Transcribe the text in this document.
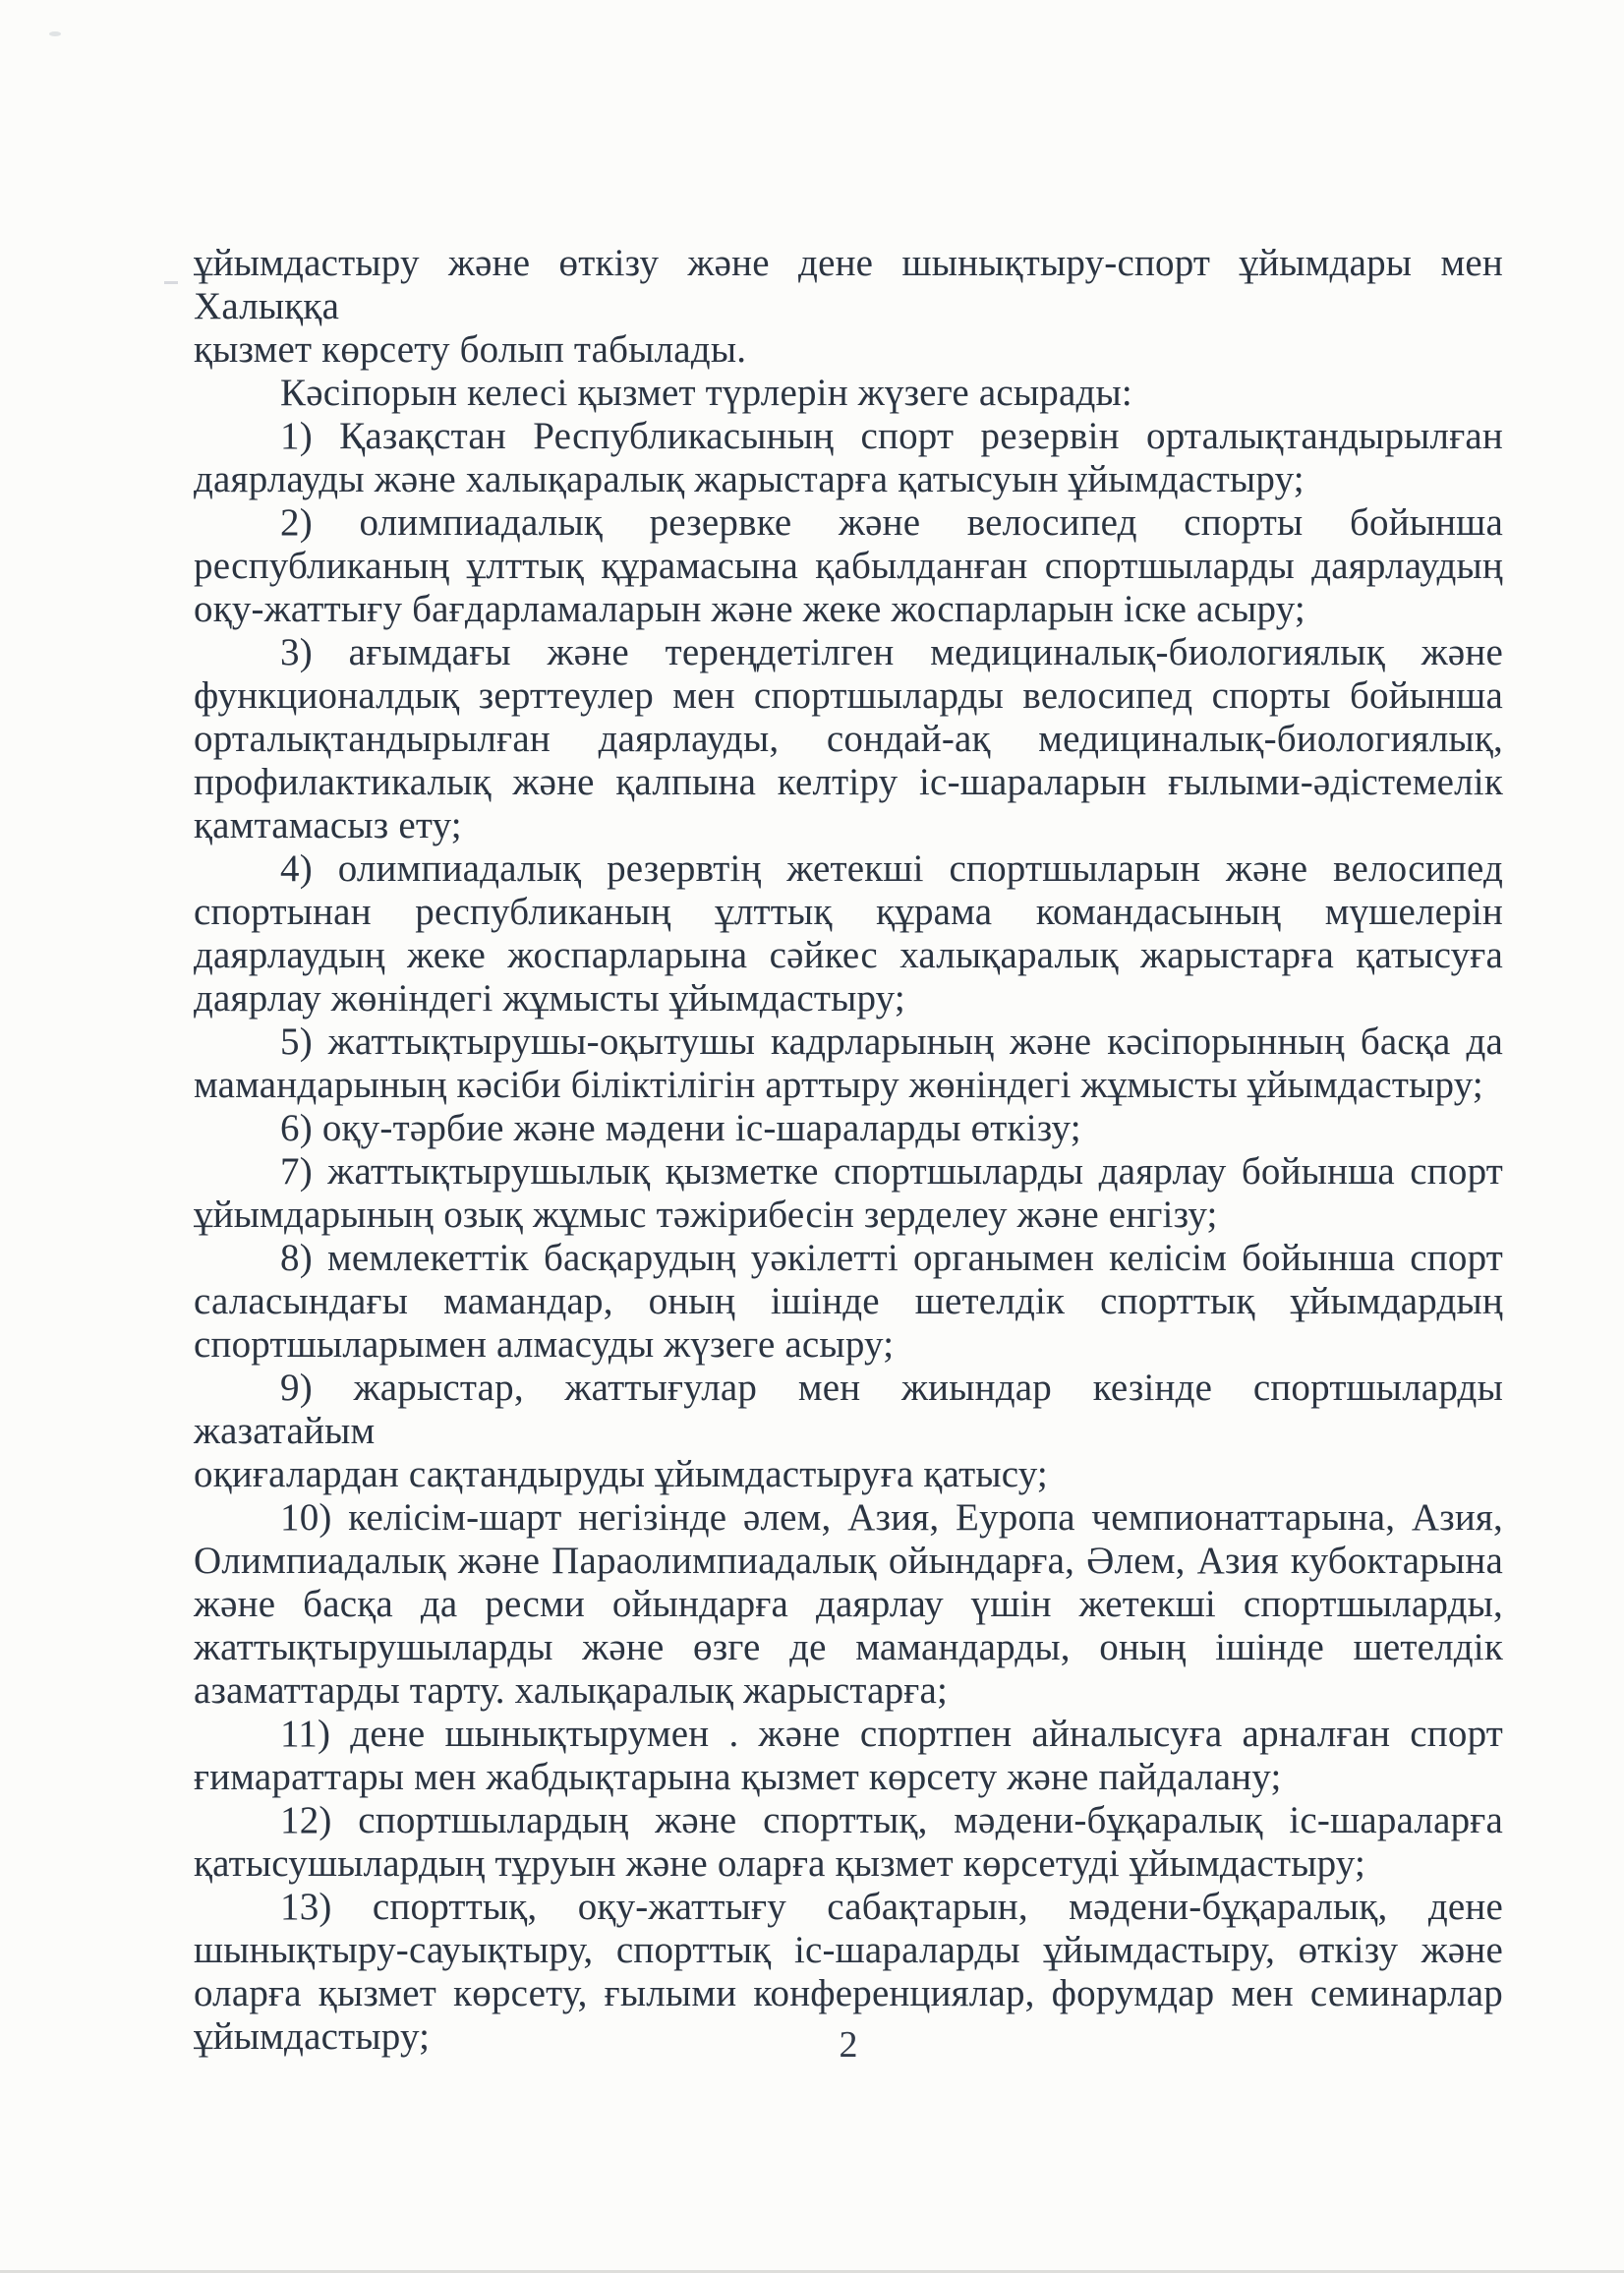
ұйымдастыру және өткізу және дене шынықтыру-спорт ұйымдары мен Халыққа
қызмет көрсету болып табылады.
Кәсіпорын келесі қызмет түрлерін жүзеге асырады:
1) Қазақстан Республикасының спорт резервін орталықтандырылған
даярлауды және халықаралық жарыстарға қатысуын ұйымдастыру;
2) олимпиадалық резервке және велосипед спорты бойынша
республиканың ұлттық құрамасына қабылданған спортшыларды даярлаудың
оқу-жаттығу бағдарламаларын және жеке жоспарларын іске асыру;
3) ағымдағы және тереңдетілген медициналық-биологиялық және
функционалдық зерттеулер мен спортшыларды велосипед спорты бойынша
орталықтандырылған даярлауды, сондай-ақ медициналық-биологиялық,
профилактикалық және қалпына келтіру іс-шараларын ғылыми-әдістемелік
қамтамасыз ету;
4) олимпиадалық резервтің жетекші спортшыларын және велосипед
спортынан республиканың ұлттық құрама командасының мүшелерін
даярлаудың жеке жоспарларына сәйкес халықаралық жарыстарға қатысуға
даярлау жөніндегі жұмысты ұйымдастыру;
5) жаттықтырушы-оқытушы кадрларының және кәсіпорынның басқа да
мамандарының кәсіби біліктілігін арттыру жөніндегі жұмысты ұйымдастыру;
6) оқу-тәрбие және мәдени іс-шараларды өткізу;
7) жаттықтырушылық қызметке спортшыларды даярлау бойынша спорт
ұйымдарының озық жұмыс тәжірибесін зерделеу және енгізу;
8) мемлекеттік басқарудың уәкілетті органымен келісім бойынша спорт
саласындағы мамандар, оның ішінде шетелдік спорттық ұйымдардың
спортшыларымен алмасуды жүзеге асыру;
9) жарыстар, жаттығулар мен жиындар кезінде спортшыларды жазатайым
оқиғалардан сақтандыруды ұйымдастыруға қатысу;
10) келісім-шарт негізінде әлем, Азия, Еуропа чемпионаттарына, Азия,
Олимпиадалық және Параолимпиадалық ойындарға, Әлем, Азия кубоктарына
және басқа да ресми ойындарға даярлау үшін жетекші спортшыларды,
жаттықтырушыларды және өзге де мамандарды, оның ішінде шетелдік
азаматтарды тарту. халықаралық жарыстарға;
11) дене шынықтырумен . және спортпен айналысуға арналған спорт
ғимараттары мен жабдықтарына қызмет көрсету және пайдалану;
12) спортшылардың және спорттық, мәдени-бұқаралық іс-шараларға
қатысушылардың тұруын және оларға қызмет көрсетуді ұйымдастыру;
13) спорттық, оқу-жаттығу сабақтарын, мәдени-бұқаралық, дене
шынықтыру-сауықтыру, спорттық іс-шараларды ұйымдастыру, өткізу және
оларға қызмет көрсету, ғылыми конференциялар, форумдар мен семинарлар
ұйымдастыру;	2
